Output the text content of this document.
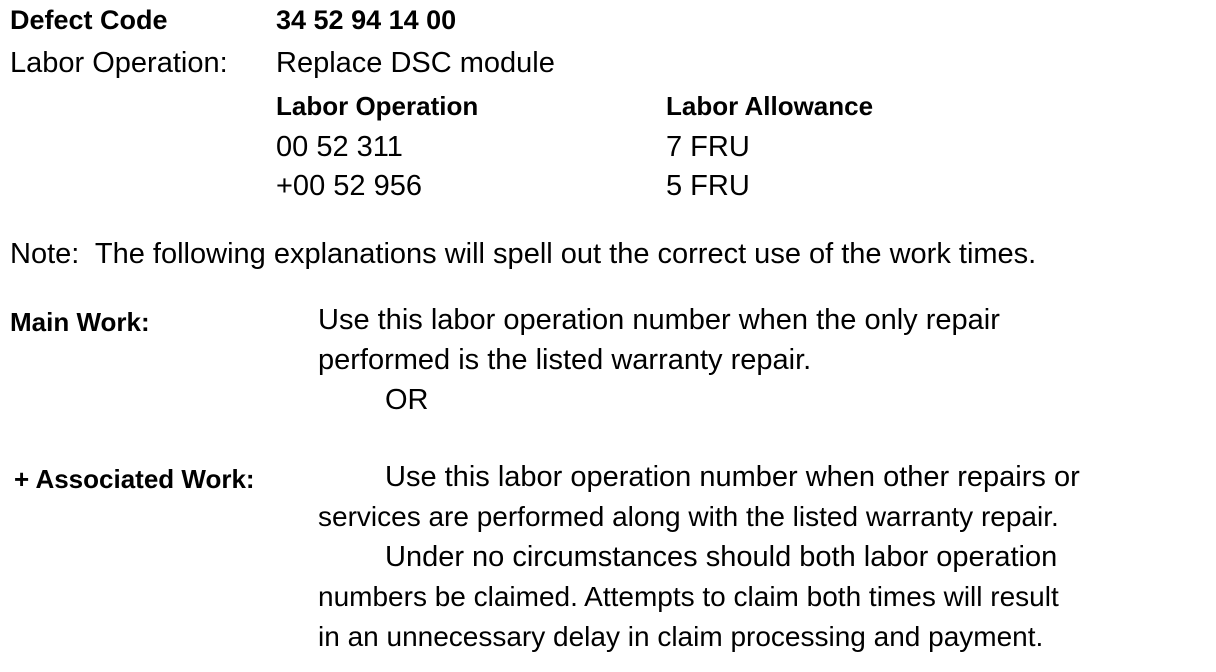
Defect Code	34 52 94 14 00
Labor Operation: Replace DSC module
Labor Operation	Labor Allowance
00 52 311	7 FRU
+00 52 956	5 FRU
Note:  The following explanations will spell out the correct use of the work times.
Main Work:	Use this labor operation number when the only repair
performed is the listed warranty repair.
OR
+ Associated Work:	Use this labor operation number when other repairs or
services are performed along with the listed warranty repair.
Under no circumstances should both labor operation
numbers be claimed. Attempts to claim both times will result
in an unnecessary delay in claim processing and payment.
